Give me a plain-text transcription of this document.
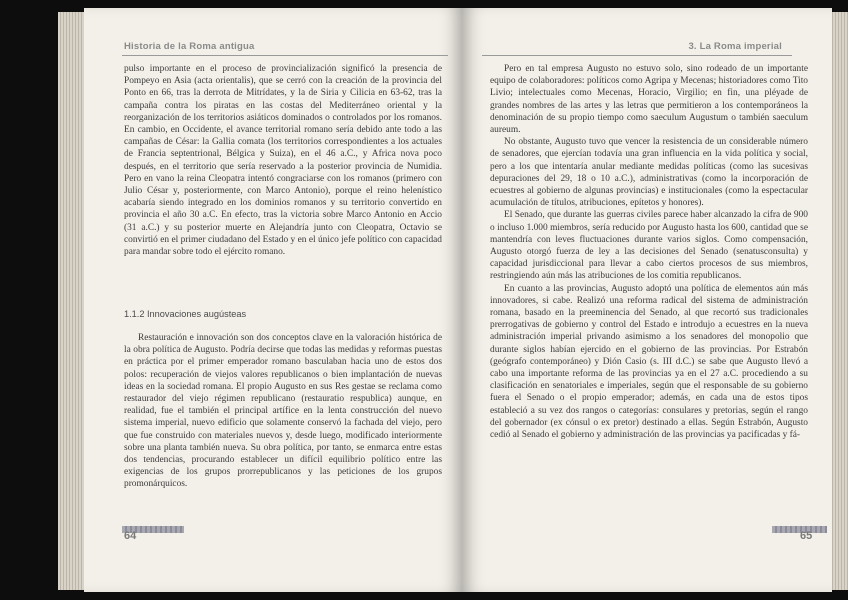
Historia de la Roma antigua

pulso importante en el proceso de provincialización significó la presencia de Pompeyo en Asia (acta orientalis), que se cerró con la creación de la provincia del Ponto en 66, tras la derrota de Mitrídates, y la de Siria y Cilicia en 63-62, tras la campaña contra los piratas en las costas del Mediterráneo oriental y la reorganización de los territorios asiáticos dominados o controlados por los romanos. En cambio, en Occidente, el avance territorial romano sería debido ante todo a las campañas de César: la Gallia comata (los territorios correspondientes a los actuales de Francia septentrional, Bélgica y Suiza), en el 46 a.C., y Africa nova poco después, en el territorio que sería reservado a la posterior provincia de Numidia. Pero en vano la reina Cleopatra intentó congraciarse con los romanos (primero con Julio César y, posteriormente, con Marco Antonio), porque el reino helenístico acabaría siendo integrado en los dominios romanos y su territorio convertido en provincia el año 30 a.C. En efecto, tras la victoria sobre Marco Antonio en Accio (31 a.C.) y su posterior muerte en Alejandría junto con Cleopatra, Octavio se convirtió en el primer ciudadano del Estado y en el único jefe político con capacidad para mandar sobre todo el ejército romano.

1.1.2 Innovaciones augústeas

Restauración e innovación son dos conceptos clave en la valoración histórica de la obra política de Augusto. Podría decirse que todas las medidas y reformas puestas en práctica por el primer emperador romano basculaban hacia uno de estos dos polos: recuperación de viejos valores republicanos o bien implantación de nuevas ideas en la sociedad romana. El propio Augusto en sus Res gestae se reclama como restaurador del viejo régimen republicano (restauratio respublica) aunque, en realidad, fue el también el principal artífice en la lenta construcción del nuevo sistema imperial, nuevo edificio que solamente conservó la fachada del viejo, pero que fue construido con materiales nuevos y, desde luego, modificado interiormente sobre una planta también nueva. Su obra política, por tanto, se enmarca entre estas dos tendencias, procurando establecer un difícil equilibrio político entre las exigencias de los grupos prorrepublicanos y las peticiones de los grupos promonárquicos.

64
3. La Roma imperial

Pero en tal empresa Augusto no estuvo solo, sino rodeado de un importante equipo de colaboradores: políticos como Agripa y Mecenas; historiadores como Tito Livio; intelectuales como Mecenas, Horacio, Virgilio; en fin, una pléyade de grandes nombres de las artes y las letras que permitieron a los contemporáneos la denominación de su propio tiempo como saeculum Augustum o también saeculum aureum.

No obstante, Augusto tuvo que vencer la resistencia de un considerable número de senadores, que ejercían todavía una gran influencia en la vida política y social, pero a los que intentaría anular mediante medidas políticas (como las sucesivas depuraciones del 29, 18 o 10 a.C.), administrativas (como la incorporación de ecuestres al gobierno de algunas provincias) e institucionales (como la espectacular acumulación de títulos, atribuciones, epítetos y honores).

El Senado, que durante las guerras civiles parece haber alcanzado la cifra de 900 o incluso 1.000 miembros, sería reducido por Augusto hasta los 600, cantidad que se mantendría con leves fluctuaciones durante varios siglos. Como compensación, Augusto otorgó fuerza de ley a las decisiones del Senado (senatusconsulta) y capacidad jurisdiccional para llevar a cabo ciertos procesos de sus miembros, restringiendo aún más las atribuciones de los comitia republicanos.

En cuanto a las provincias, Augusto adoptó una política de elementos aún más innovadores, si cabe. Realizó una reforma radical del sistema de administración romana, basado en la preeminencia del Senado, al que recortó sus tradicionales prerrogativas de gobierno y control del Estado e introdujo a ecuestres en la nueva administración imperial privando asimismo a los senadores del monopolio que durante siglos habían ejercido en el gobierno de las provincias. Por Estrabón (geógrafo contemporáneo) y Dión Casio (s. III d.C.) se sabe que Augusto llevó a cabo una importante reforma de las provincias ya en el 27 a.C. procediendo a su clasificación en senatoriales e imperiales, según que el responsable de su gobierno fuera el Senado o el propio emperador; además, en cada una de estos tipos estableció a su vez dos rangos o categorías: consulares y pretorias, según el rango del gobernador (ex cónsul o ex pretor) destinado a ellas. Según Estrabón, Augusto cedió al Senado el gobierno y administración de las provincias ya pacificadas y fá-

65
